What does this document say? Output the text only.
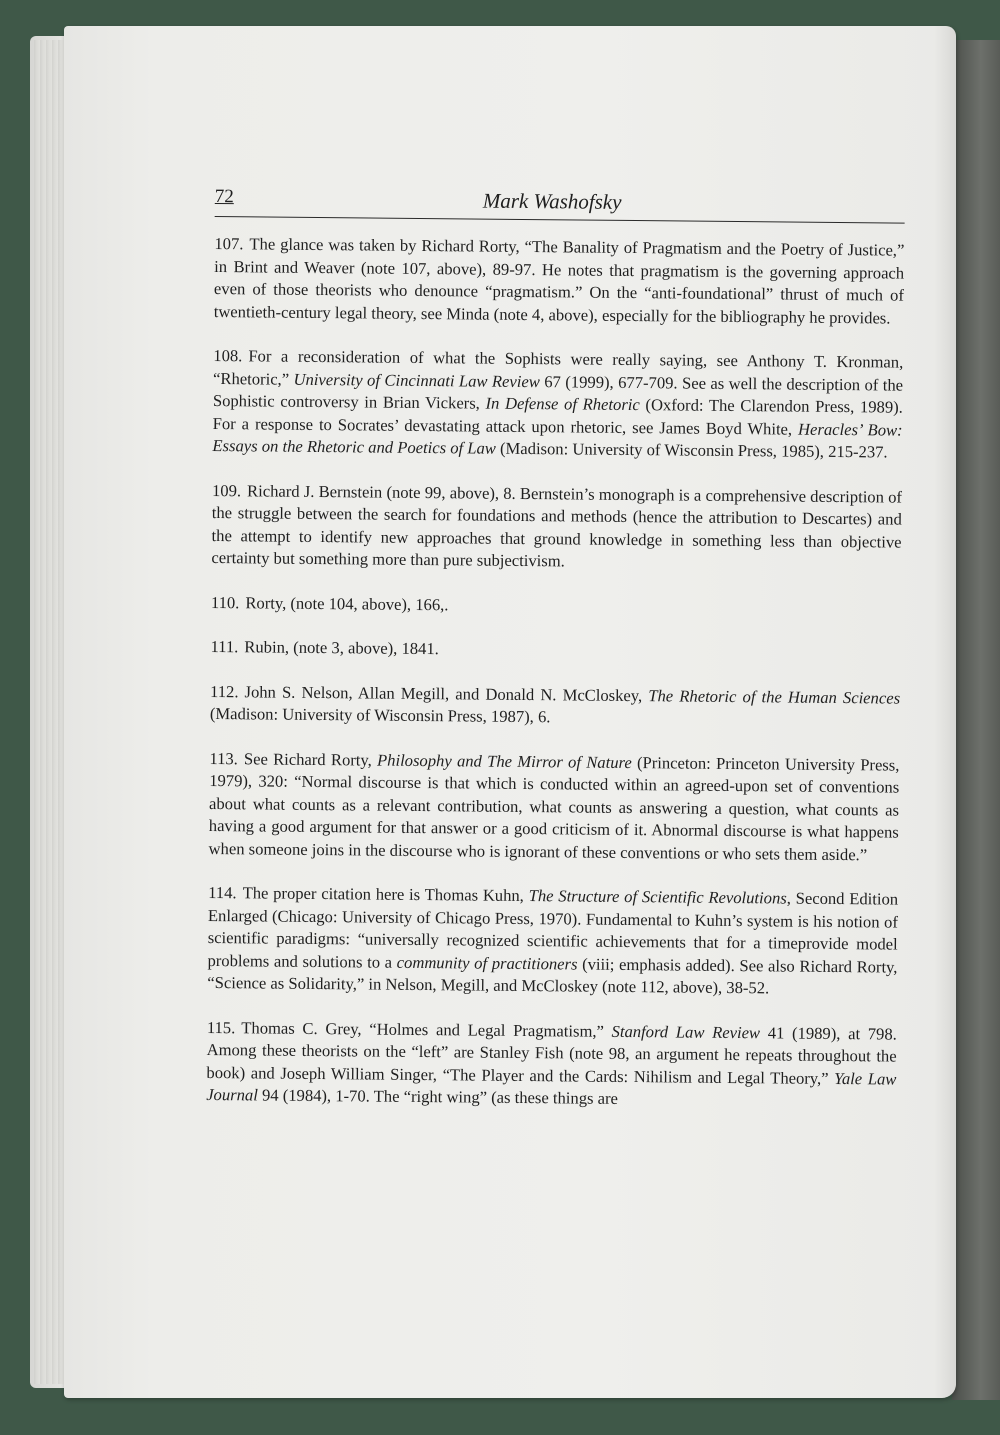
72	Mark Washofsky

107. The glance was taken by Richard Rorty, “The Banality of Pragmatism and the Poetry of Justice,” in Brint and Weaver (note 107, above), 89-97. He notes that pragmatism is the governing approach even of those theorists who denounce “pragmatism.” On the “anti-foundational” thrust of much of twentieth-century legal theory, see Minda (note 4, above), especially for the bibliography he provides.

108. For a reconsideration of what the Sophists were really saying, see Anthony T. Kronman, “Rhetoric,” University of Cincinnati Law Review 67 (1999), 677-709. See as well the description of the Sophistic controversy in Brian Vickers, In Defense of Rhetoric (Oxford: The Clarendon Press, 1989). For a response to Socrates’ devastating attack upon rhetoric, see James Boyd White, Heracles’ Bow: Essays on the Rhetoric and Poetics of Law (Madison: University of Wisconsin Press, 1985), 215-237.

109. Richard J. Bernstein (note 99, above), 8. Bernstein’s monograph is a comprehensive description of the struggle between the search for foundations and methods (hence the attribution to Descartes) and the attempt to identify new approaches that ground knowledge in something less than objective certainty but something more than pure subjectivism.

110. Rorty, (note 104, above), 166,.

111. Rubin, (note 3, above), 1841.

112. John S. Nelson, Allan Megill, and Donald N. McCloskey, The Rhetoric of the Human Sciences (Madison: University of Wisconsin Press, 1987), 6.

113. See Richard Rorty, Philosophy and The Mirror of Nature (Princeton: Princeton University Press, 1979), 320: “Normal discourse is that which is conducted within an agreed-upon set of conventions about what counts as a relevant contribution, what counts as answering a question, what counts as having a good argument for that answer or a good criticism of it. Abnormal discourse is what happens when someone joins in the discourse who is ignorant of these conventions or who sets them aside.”

114. The proper citation here is Thomas Kuhn, The Structure of Scientific Revolutions, Second Edition Enlarged (Chicago: University of Chicago Press, 1970). Fundamental to Kuhn’s system is his notion of scientific paradigms: “universally recognized scientific achievements that for a timeprovide model problems and solutions to a community of practitioners (viii; emphasis added). See also Richard Rorty, “Science as Solidarity,” in Nelson, Megill, and McCloskey (note 112, above), 38-52.

115. Thomas C. Grey, “Holmes and Legal Pragmatism,” Stanford Law Review 41 (1989), at 798. Among these theorists on the “left” are Stanley Fish (note 98, an argument he repeats throughout the book) and Joseph William Singer, “The Player and the Cards: Nihilism and Legal Theory,” Yale Law Journal 94 (1984), 1-70. The “right wing” (as these things are
